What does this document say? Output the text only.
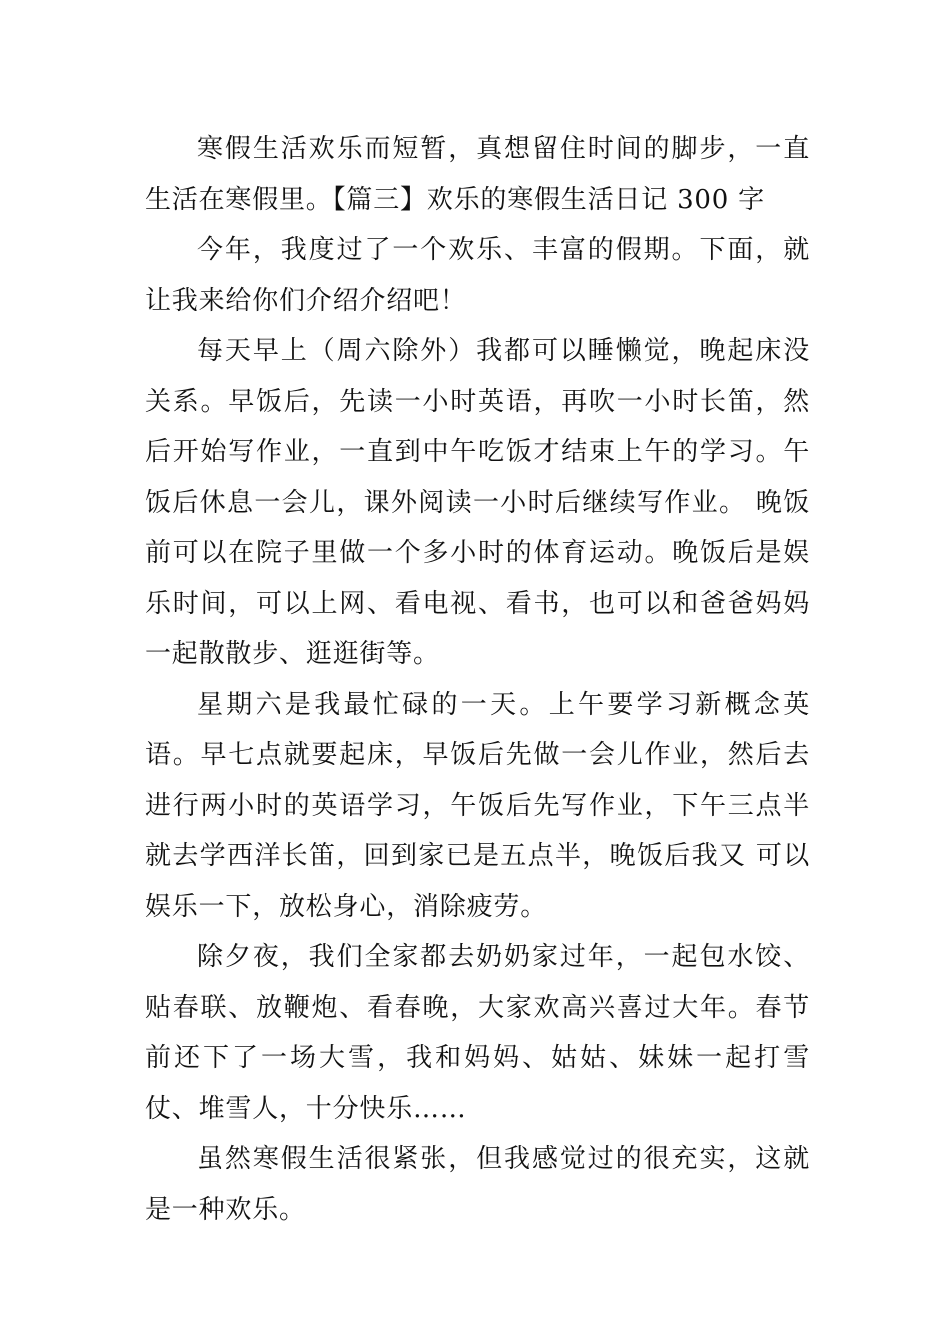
寒假生活欢乐而短暂，真想留住时间的脚步，一直生活在寒假里。【篇三】欢乐的寒假生活日记 300 字

今年，我度过了一个欢乐、丰富的假期。下面，就让我来给你们介绍介绍吧！

每天早上（周六除外）我都可以睡懒觉，晚起床没关系。早饭后，先读一小时英语，再吹一小时长笛，然后开始写作业，一直到中午吃饭才结束上午的学习。午饭后休息一会儿，课外阅读一小时后继续写作业。 晚饭前可以在院子里做一个多小时的体育运动。晚饭后是娱乐时间，可以上网、看电视、看书，也可以和爸爸妈妈一起散散步、逛逛街等。

星期六是我最忙碌的一天。上午要学习新概念英语。早七点就要起床，早饭后先做一会儿作业，然后去进行两小时的英语学习，午饭后先写作业，下午三点半就去学西洋长笛，回到家已是五点半，晚饭后我又 可以娱乐一下，放松身心，消除疲劳。

除夕夜，我们全家都去奶奶家过年，一起包水饺、贴春联、放鞭炮、看春晚，大家欢高兴喜过大年。春节前还下了一场大雪，我和妈妈、姑姑、妹妹一起打雪仗、堆雪人，十分快乐……

虽然寒假生活很紧张，但我感觉过的很充实，这就是一种欢乐。
